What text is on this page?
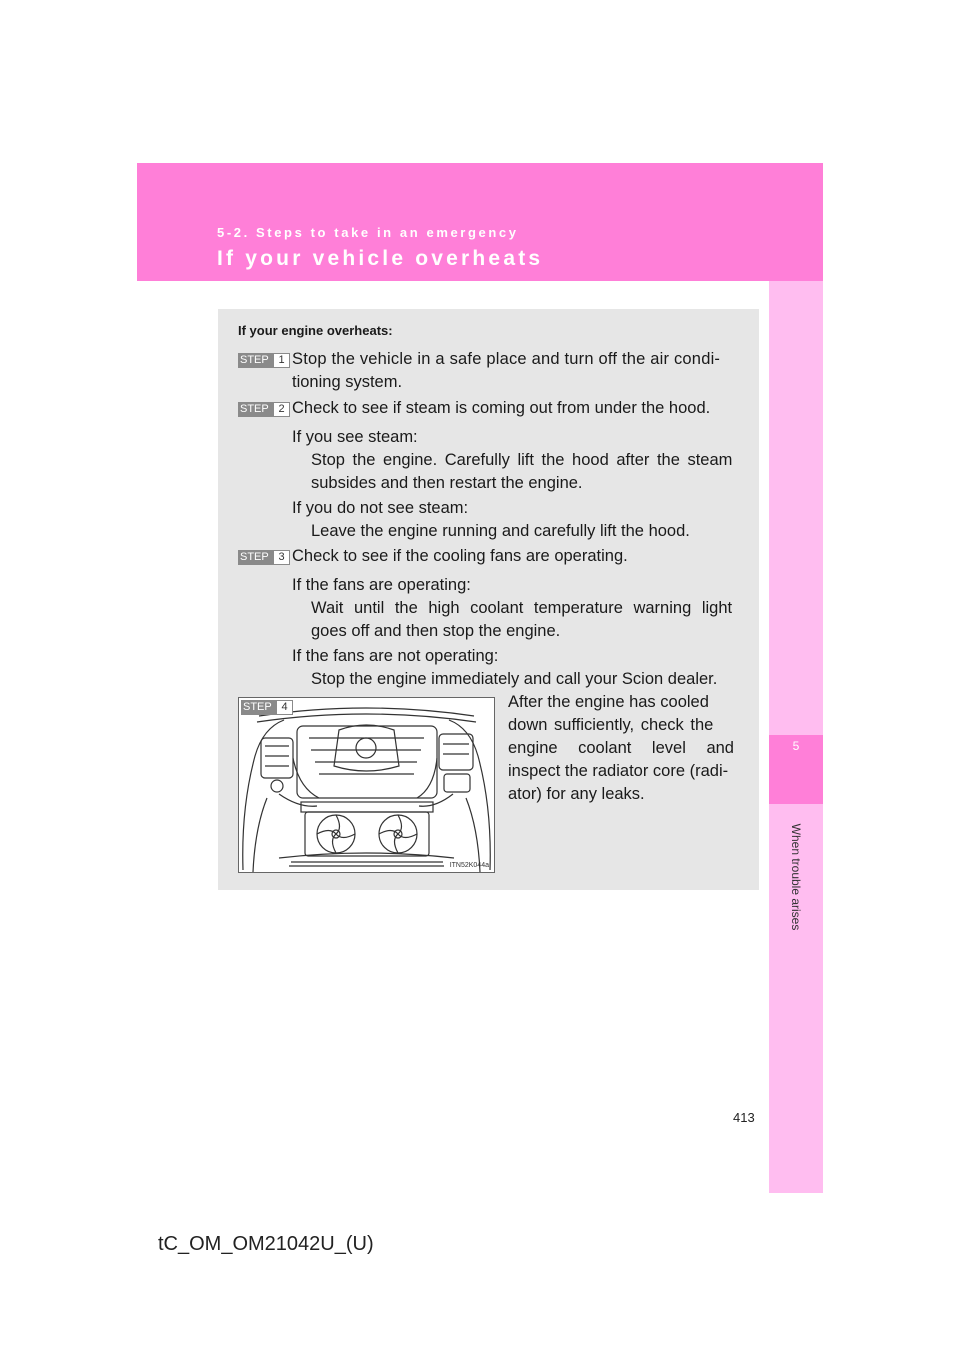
5-2. Steps to take in an emergency
If your vehicle overheats
5
When trouble arises
If your engine overheats:
STEP 1 Stop the vehicle in a safe place and turn off the air condi-
tioning system.
STEP 2 Check to see if steam is coming out from under the hood.
If you see steam:
Stop the engine. Carefully lift the hood after the steam
subsides and then restart the engine.
If you do not see steam:
Leave the engine running and carefully lift the hood.
STEP 3 Check to see if the cooling fans are operating.
If the fans are operating:
Wait until the high coolant temperature warning light
goes off and then stop the engine.
If the fans are not operating:
Stop the engine immediately and call your Scion dealer.
STEP 4
ITN52K044a
After the engine has cooled
down sufficiently, check the
engine coolant level and
inspect the radiator core (radi-
ator) for any leaks.
413
tC_OM_OM21042U_(U)
